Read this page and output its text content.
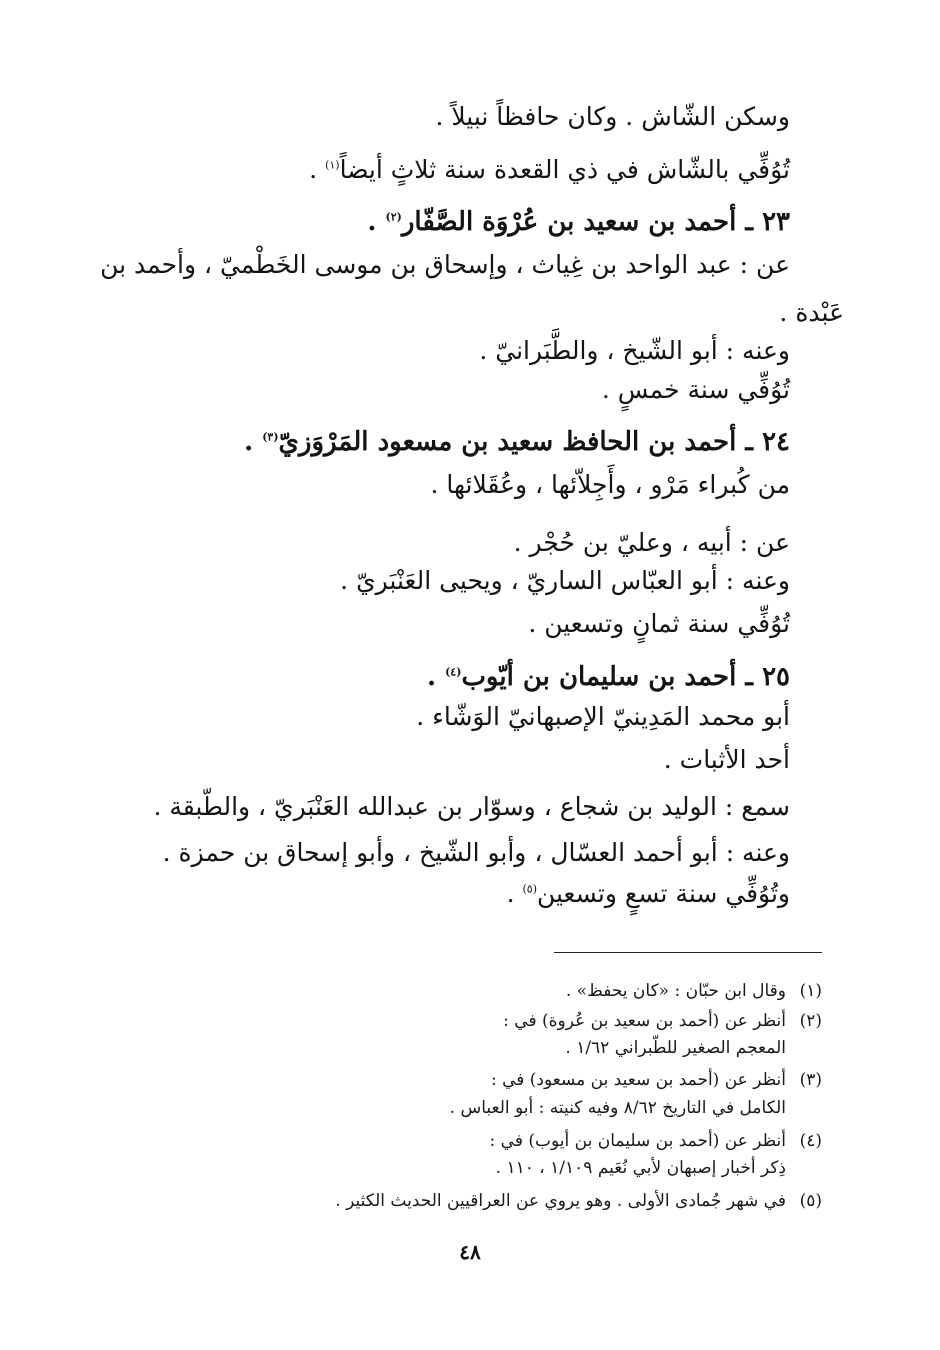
وسكن الشّاش . وكان حافظاً نبيلاً .
تُوُفِّي بالشّاش في ذي القعدة سنة ثلاثٍ أيضاً$^{(١)}$ .
٢٣ ـ أحمد بن سعيد بن عُرْوَة الصَّفّار$^{(٢)}$ .
عن : عبد الواحد بن غِياث ، وإسحاق بن موسى الخَطْميّ ، وأحمد بن
عَبْدة .
وعنه : أبو الشّيخ ، والطَّبَرانيّ .
تُوُفِّي سنة خمسٍ .
٢٤ ـ أحمد بن الحافظ سعيد بن مسعود المَرْوَزيّ$^{(٣)}$ .
من كُبراء مَرْو ، وأَجِلاّئها ، وعُقَلائها .
عن : أبيه ، وعليّ بن حُجْر .
وعنه : أبو العبّاس الساريّ ، ويحيى العَنْبَريّ .
تُوُفِّي سنة ثمانٍ وتسعين .
٢٥ ـ أحمد بن سليمان بن أيّوب$^{(٤)}$ .
أبو محمد المَدِينيّ الإصبهانيّ الوَشّاء .
أحد الأثبات .
سمع : الوليد بن شجاع ، وسوّار بن عبدالله العَنْبَريّ ، والطّبقة .
وعنه : أبو أحمد العسّال ، وأبو الشّيخ ، وأبو إسحاق بن حمزة .
وتُوُفِّي سنة تسعٍ وتسعين$^{(٥)}$ .
(١)وقال ابن حبّان : «كان يحفظ» .
(٢)أنظر عن (أحمد بن سعيد بن عُروة) في :
المعجم الصغير للطّبراني ١/٦٢ .
(٣)أنظر عن (أحمد بن سعيد بن مسعود) في :
الكامل في التاريخ ٨/٦٢ وفيه كنيته : أبو العباس .
(٤)أنظر عن (أحمد بن سليمان بن أيوب) في :
ذِكر أخبار إصبهان لأبي نُعَيم ١/١٠٩ ، ١١٠ .
(٥)في شهر جُمادى الأولى . وهو يروي عن العراقيين الحديث الكثير .
٤٨
